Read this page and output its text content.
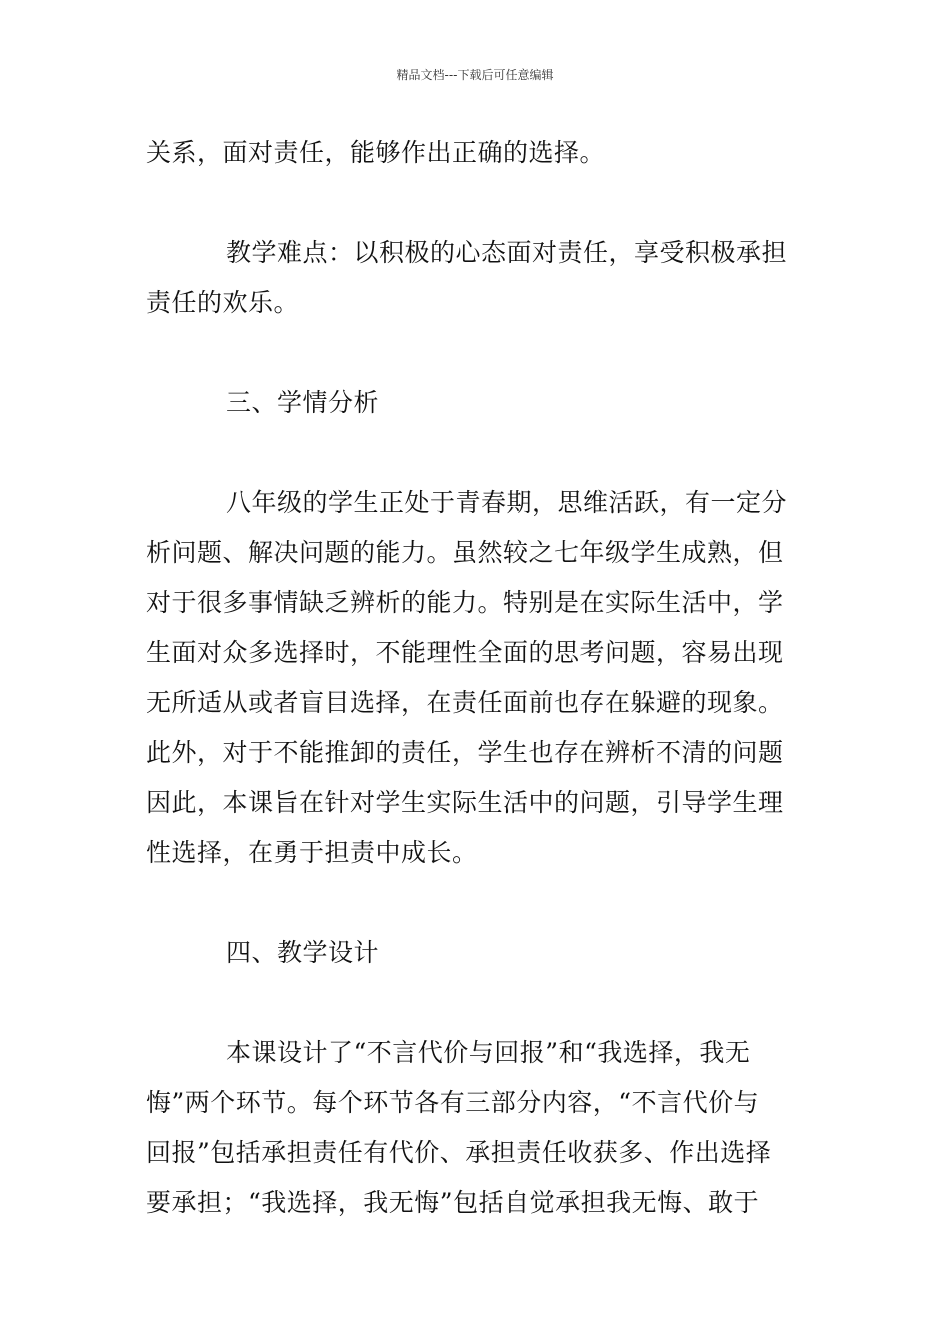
精品文档---下载后可任意编辑
关系，面对责任，能够作出正确的选择。
教学难点：以积极的心态面对责任，享受积极承担
责任的欢乐。
三、学情分析
八年级的学生正处于青春期，思维活跃，有一定分
析问题、解决问题的能力。虽然较之七年级学生成熟，但
对于很多事情缺乏辨析的能力。特别是在实际生活中，学
生面对众多选择时，不能理性全面的思考问题，容易出现
无所适从或者盲目选择，在责任面前也存在躲避的现象。
此外，对于不能推卸的责任，学生也存在辨析不清的问题
因此，本课旨在针对学生实际生活中的问题，引导学生理
性选择，在勇于担责中成长。
四、教学设计
本课设计了“不言代价与回报”和“我选择，我无
悔”两个环节。每个环节各有三部分内容，“不言代价与
回报”包括承担责任有代价、承担责任收获多、作出选择
要承担；“我选择，我无悔”包括自觉承担我无悔、敢于
